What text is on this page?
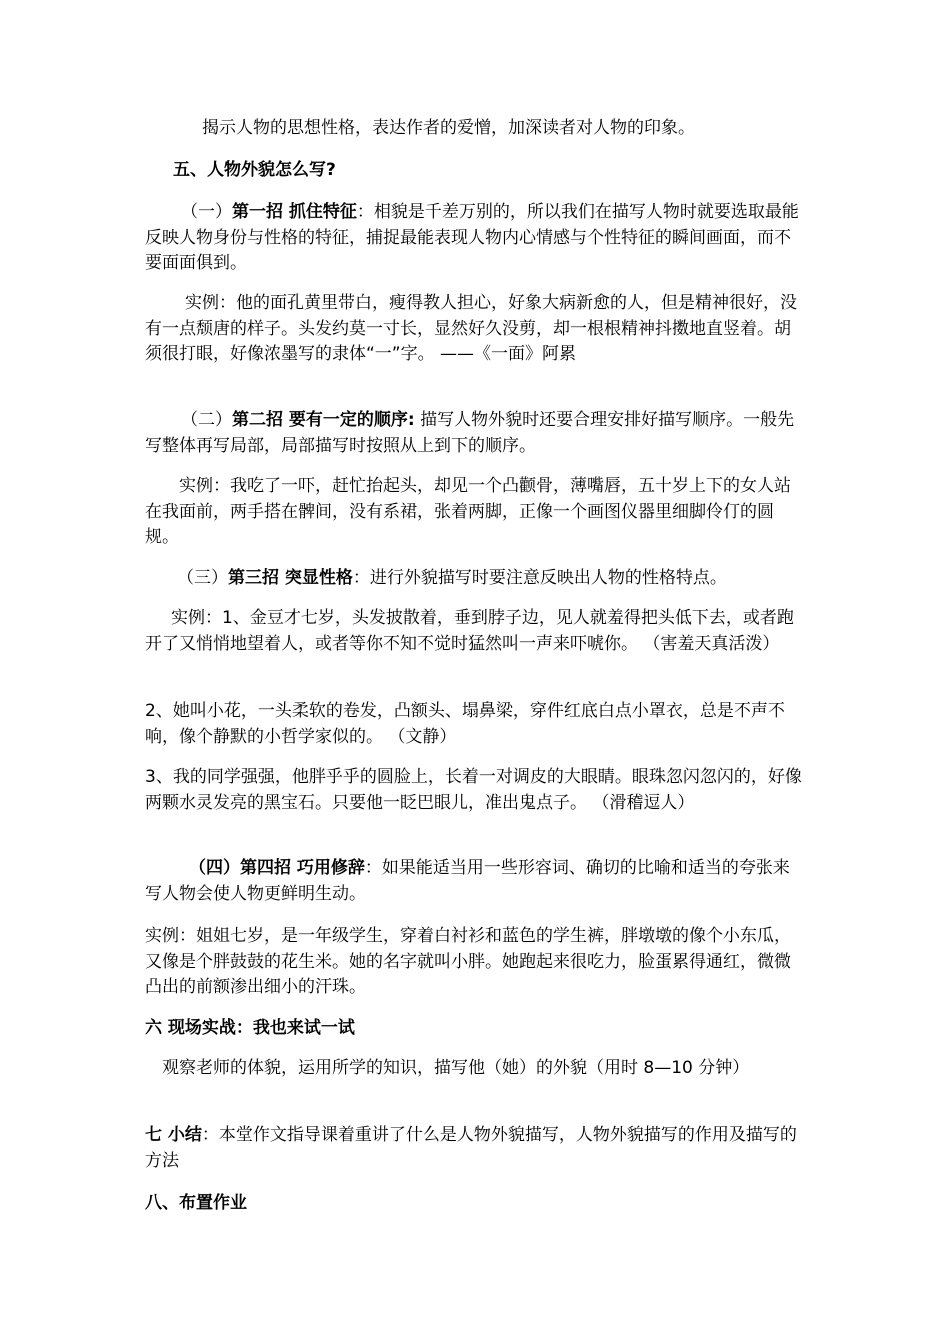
揭示人物的思想性格，表达作者的爱憎，加深读者对人物的印象。

五、人物外貌怎么写?

（一）第一招 抓住特征：相貌是千差万别的，所以我们在描写人物时就要选取最能反映人物身份与性格的特征，捕捉最能表现人物内心情感与个性特征的瞬间画面，而不要面面俱到。

实例：他的面孔黄里带白，瘦得教人担心，好象大病新愈的人，但是精神很好，没有一点颓唐的样子。头发约莫一寸长，显然好久没剪，却一根根精神抖擞地直竖着。胡须很打眼，好像浓墨写的隶体“一”字。 ——《一面》阿累

（二）第二招 要有一定的顺序: 描写人物外貌时还要合理安排好描写顺序。一般先写整体再写局部，局部描写时按照从上到下的顺序。

实例：我吃了一吓，赶忙抬起头，却见一个凸颧骨，薄嘴唇，五十岁上下的女人站在我面前，两手搭在髀间，没有系裙，张着两脚，正像一个画图仪器里细脚伶仃的圆规。

（三）第三招 突显性格：进行外貌描写时要注意反映出人物的性格特点。

实例：1、金豆才七岁，头发披散着，垂到脖子边，见人就羞得把头低下去，或者跑开了又悄悄地望着人，或者等你不知不觉时猛然叫一声来吓唬你。 （害羞天真活泼）

2、她叫小花，一头柔软的卷发，凸额头、塌鼻梁，穿件红底白点小罩衣，总是不声不响，像个静默的小哲学家似的。 （文静）

3、我的同学强强，他胖乎乎的圆脸上，长着一对调皮的大眼睛。眼珠忽闪忽闪的，好像两颗水灵发亮的黑宝石。只要他一眨巴眼儿，准出鬼点子。 （滑稽逗人）

（四）第四招 巧用修辞：如果能适当用一些形容词、确切的比喻和适当的夸张来写人物会使人物更鲜明生动。

实例：姐姐七岁，是一年级学生，穿着白衬衫和蓝色的学生裤，胖墩墩的像个小东瓜，又像是个胖鼓鼓的花生米。她的名字就叫小胖。她跑起来很吃力，脸蛋累得通红，微微凸出的前额渗出细小的汗珠。

六 现场实战：我也来试一试

观察老师的体貌，运用所学的知识，描写他（她）的外貌（用时 8—10 分钟）

七 小结：本堂作文指导课着重讲了什么是人物外貌描写，人物外貌描写的作用及描写的方法

八、布置作业
